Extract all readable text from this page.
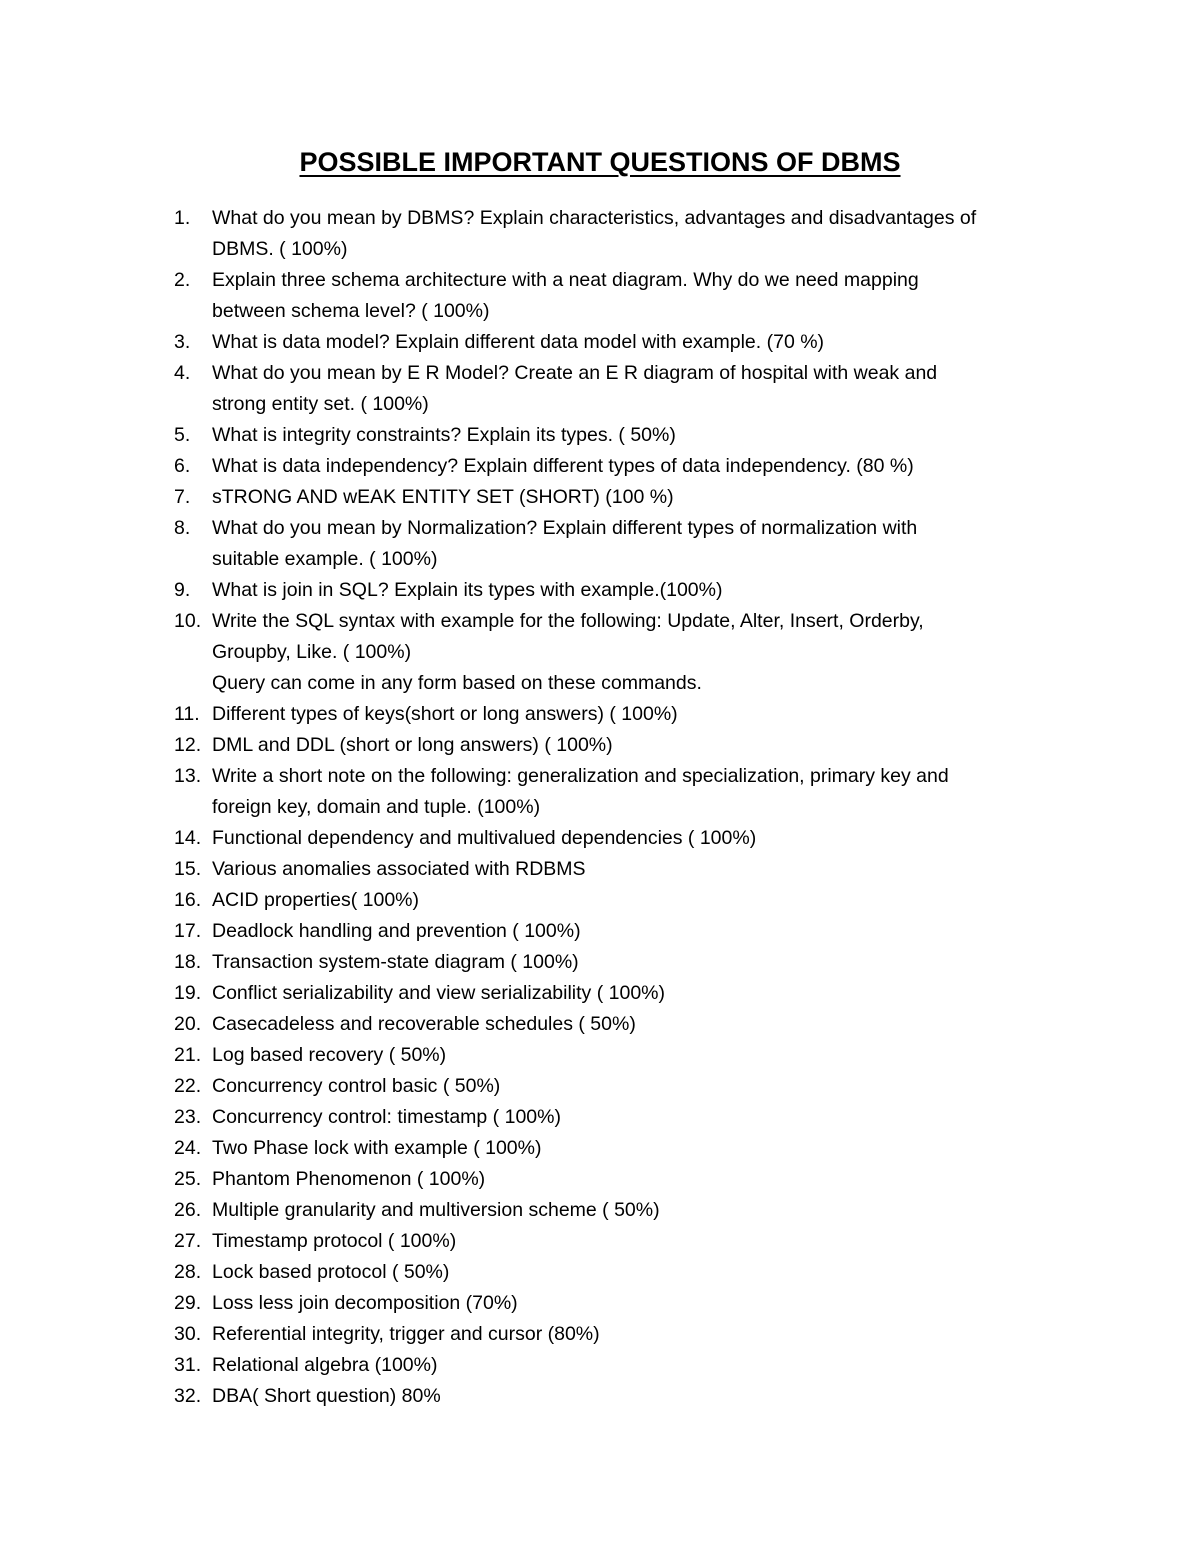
POSSIBLE IMPORTANT QUESTIONS OF DBMS
1.	What do you mean by DBMS? Explain characteristics, advantages and disadvantages of
DBMS. ( 100%)
2.	Explain three schema architecture with a neat diagram. Why do we need mapping
between schema level? ( 100%)
3.	What is data model? Explain different data model with example. (70 %)
4.	What do you mean by E R Model? Create an E R diagram of hospital with weak and
strong entity set. ( 100%)
5.	What is integrity constraints? Explain its types. ( 50%)
6.	What is data independency? Explain different types of data independency. (80 %)
7.	sTRONG AND wEAK ENTITY SET (SHORT) (100 %)
8.	What do you mean by Normalization? Explain different types of normalization with
suitable example. ( 100%)
9.	What is join in SQL? Explain its types with example.(100%)
10. Write the SQL syntax with example for the following: Update, Alter, Insert, Orderby,
Groupby, Like. ( 100%)
Query can come in any form based on these commands.
11. Different types of keys(short or long answers) ( 100%)
12. DML and DDL (short or long answers) ( 100%)
13. Write a short note on the following: generalization and specialization, primary key and
foreign key, domain and tuple. (100%)
14. Functional dependency and multivalued dependencies ( 100%)
15. Various anomalies associated with RDBMS
16. ACID properties( 100%)
17. Deadlock handling and prevention ( 100%)
18. Transaction system-state diagram ( 100%)
19. Conflict serializability and view serializability ( 100%)
20. Casecadeless and recoverable schedules ( 50%)
21. Log based recovery ( 50%)
22. Concurrency control basic ( 50%)
23. Concurrency control: timestamp ( 100%)
24. Two Phase lock with example ( 100%)
25. Phantom Phenomenon ( 100%)
26. Multiple granularity and multiversion scheme ( 50%)
27. Timestamp protocol ( 100%)
28. Lock based protocol ( 50%)
29. Loss less join decomposition (70%)
30. Referential integrity, trigger and cursor (80%)
31. Relational algebra (100%)
32. DBA( Short question) 80%
